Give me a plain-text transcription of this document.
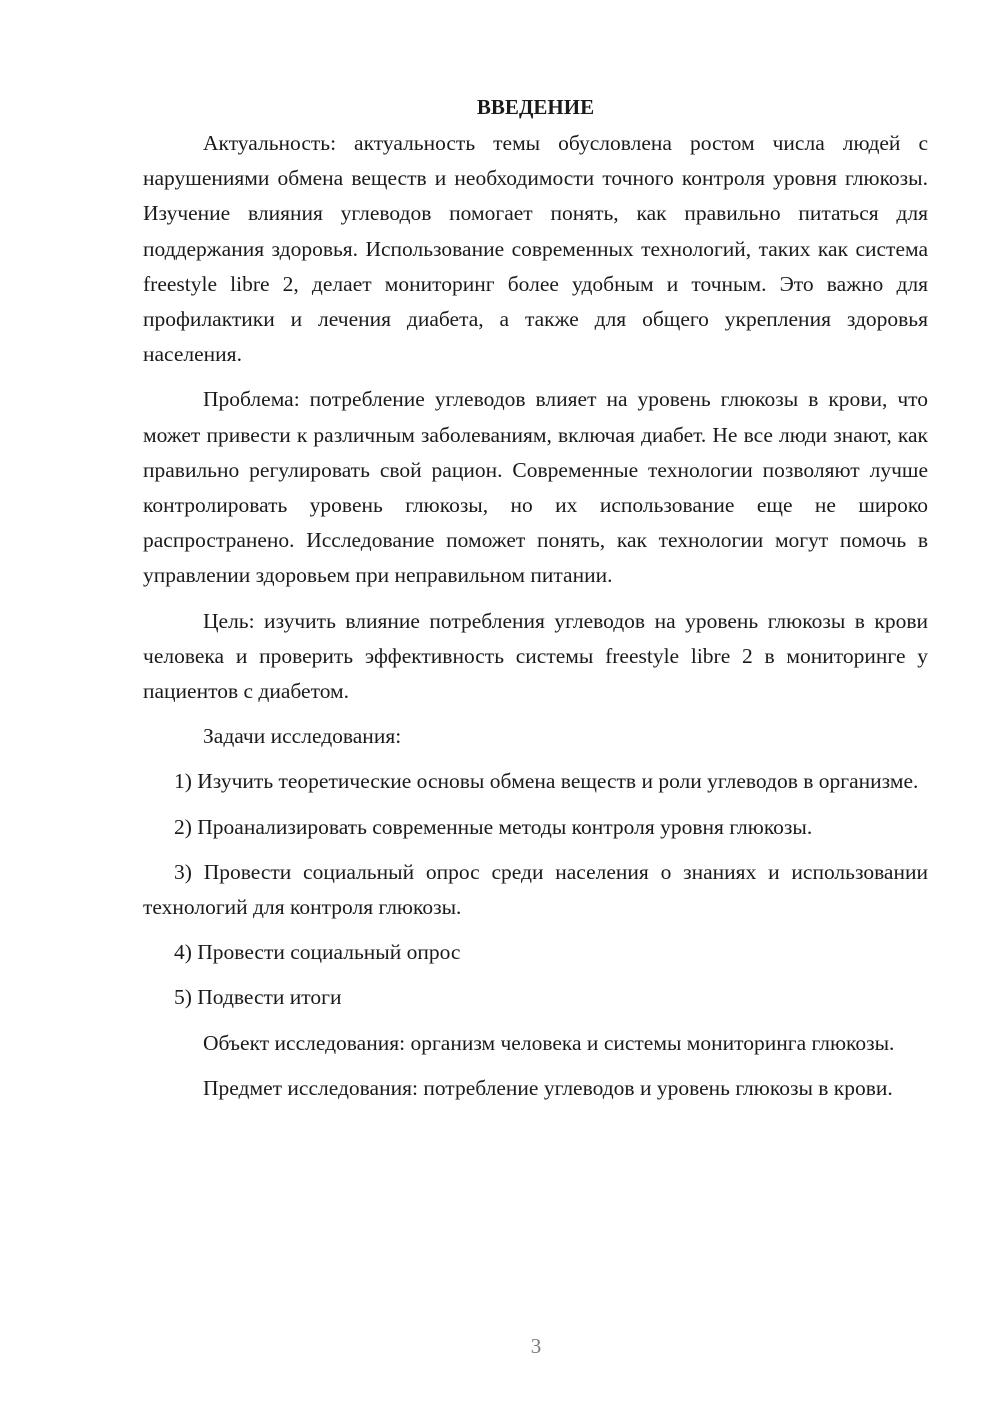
ВВЕДЕНИЕ

Актуальность: актуальность темы обусловлена ростом числа людей с нарушениями обмена веществ и необходимости точного контроля уровня глюкозы. Изучение влияния углеводов помогает понять, как правильно питаться для поддержания здоровья. Использование современных технологий, таких как система freestyle libre 2, делает мониторинг более удобным и точным. Это важно для профилактики и лечения диабета, а также для общего укрепления здоровья населения.

Проблема: потребление углеводов влияет на уровень глюкозы в крови, что может привести к различным заболеваниям, включая диабет. Не все люди знают, как правильно регулировать свой рацион. Современные технологии позволяют лучше контролировать уровень глюкозы, но их использование еще не широко распространено. Исследование поможет понять, как технологии могут помочь в управлении здоровьем при неправильном питании.

Цель: изучить влияние потребления углеводов на уровень глюкозы в крови человека и проверить эффективность системы freestyle libre 2 в мониторинге у пациентов с диабетом.

Задачи исследования:

1) Изучить теоретические основы обмена веществ и роли углеводов в организме.

2) Проанализировать современные методы контроля уровня глюкозы.

3) Провести социальный опрос среди населения о знаниях и использовании технологий для контроля глюкозы.

4) Провести социальный опрос

5) Подвести итоги

Объект исследования: организм человека и системы мониторинга глюкозы.

Предмет исследования: потребление углеводов и уровень глюкозы в крови.

3
